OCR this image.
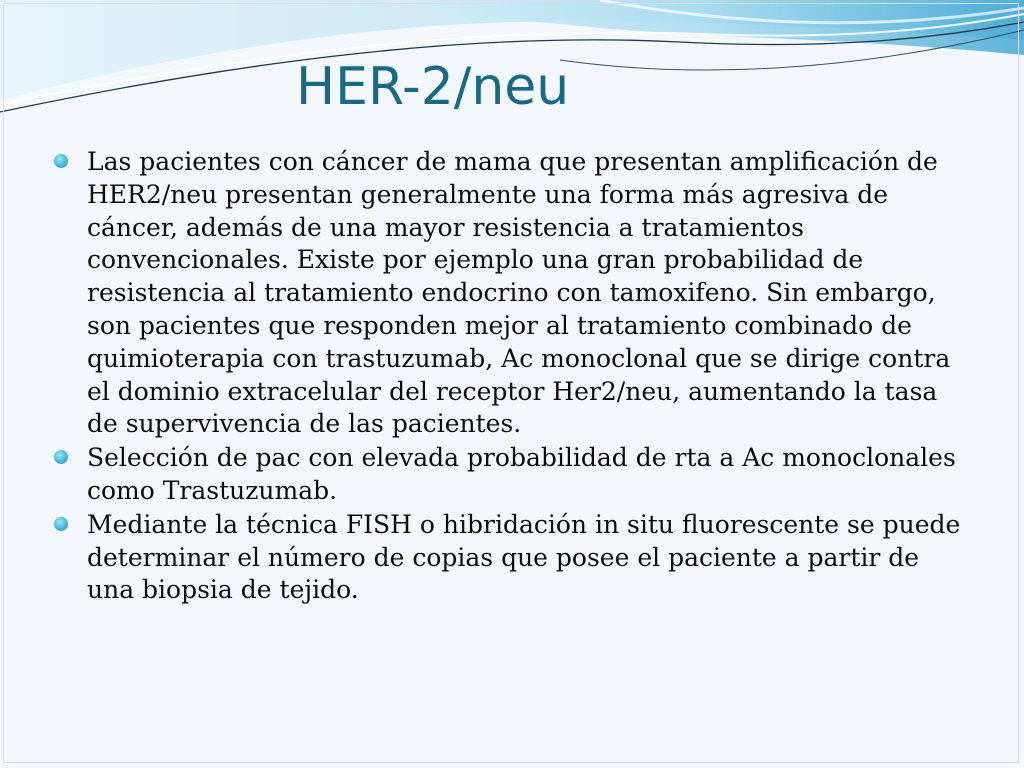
HER-2/neu
Las pacientes con cáncer de mama que presentan amplificación de HER2/neu presentan generalmente una forma más agresiva de cáncer, además de una mayor resistencia a tratamientos convencionales. Existe por ejemplo una gran probabilidad de resistencia al tratamiento endocrino con tamoxifeno. Sin embargo, son pacientes que responden mejor al tratamiento combinado de quimioterapia con trastuzumab, Ac monoclonal que se dirige contra el dominio extracelular del receptor Her2/neu, aumentando la tasa de supervivencia de las pacientes.
Selección de pac con elevada probabilidad de rta a Ac monoclonales como Trastuzumab.
Mediante la técnica FISH o hibridación in situ fluorescente se puede determinar el número de copias que posee el paciente a partir de una biopsia de tejido.
